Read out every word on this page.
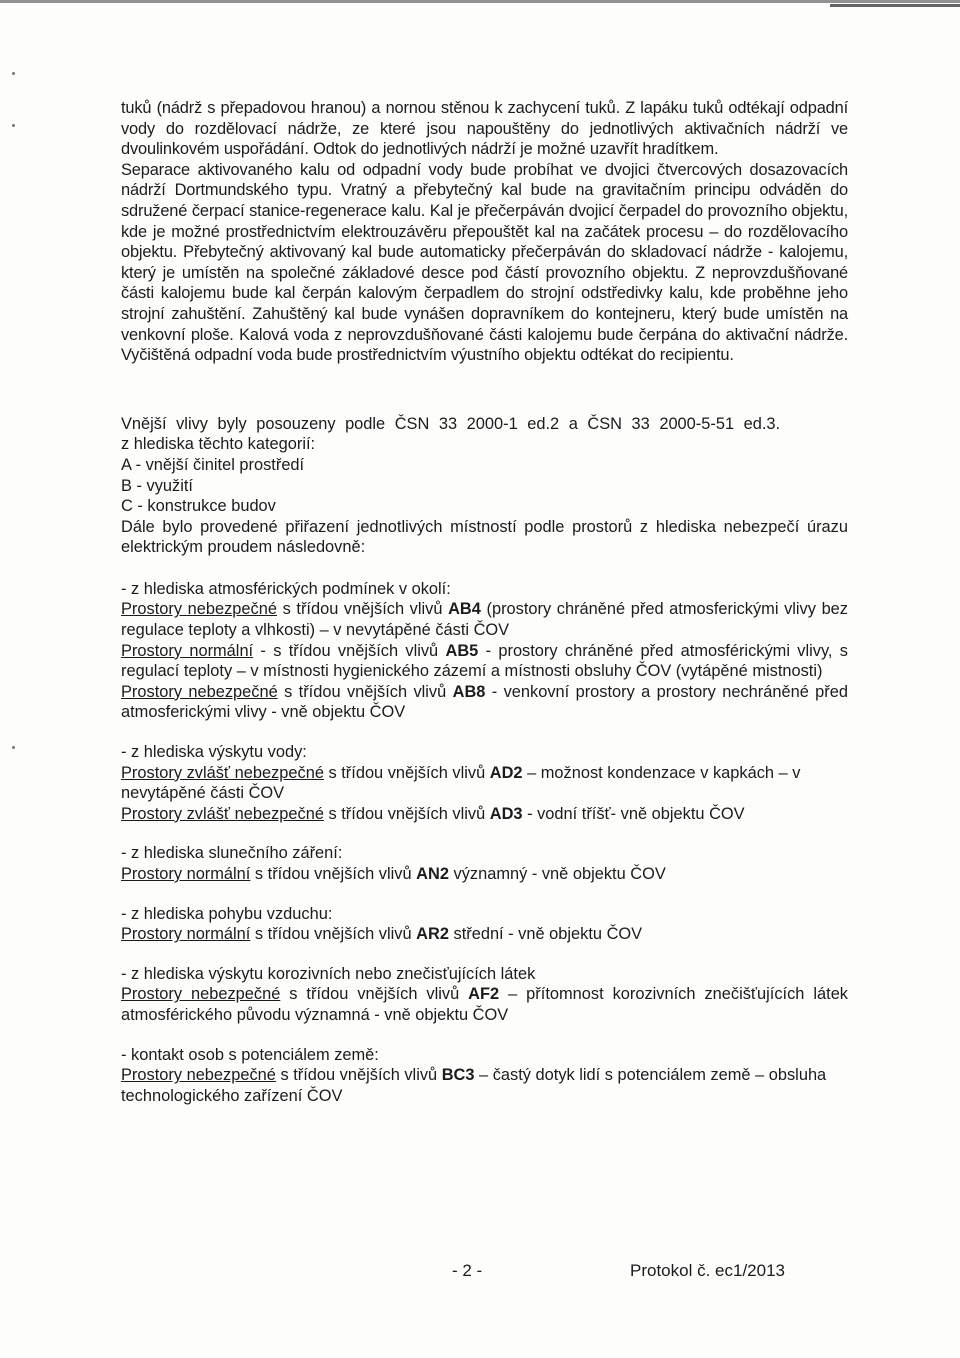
tuků (nádrž s přepadovou hranou) a nornou stěnou k zachycení tuků. Z lapáku tuků odtékají odpadní vody do rozdělovací nádrže, ze které jsou napouštěny do jednotlivých aktivačních nádrží ve dvoulinkovém uspořádání. Odtok do jednotlivých nádrží je možné uzavřít hradítkem.

Separace aktivovaného kalu od odpadní vody bude probíhat ve dvojici čtvercových dosazovacích nádrží Dortmundského typu. Vratný a přebytečný kal bude na gravitačním principu odváděn do sdružené čerpací stanice-regenerace kalu. Kal je přečerpáván dvojicí čerpadel do provozního objektu, kde je možné prostřednictvím elektrouzávěru přepouštět kal na začátek procesu – do rozdělovacího objektu. Přebytečný aktivovaný kal bude automaticky přečerpáván do skladovací nádrže - kalojemu, který je umístěn na společné základové desce pod částí provozního objektu. Z neprovzdušňované části kalojemu bude kal čerpán kalovým čerpadlem do strojní odstředivky kalu, kde proběhne jeho strojní zahuštění. Zahuštěný kal bude vynášen dopravníkem do kontejneru, který bude umístěn na venkovní ploše. Kalová voda z neprovzdušňované části kalojemu bude čerpána do aktivační nádrže. Vyčištěná odpadní voda bude prostřednictvím výustního objektu odtékat do recipientu.

Vnější vlivy byly posouzeny podle ČSN 33 2000-1 ed.2 a ČSN 33 2000-5-51 ed.3.

z hlediska těchto kategorií:

A - vnější činitel prostředí

B - využití

C - konstrukce budov

Dále bylo provedené přiřazení jednotlivých místností podle prostorů z hlediska nebezpečí úrazu elektrickým proudem následovně:

- z hlediska atmosférických podmínek v okolí:

Prostory nebezpečné s třídou vnějších vlivů AB4 (prostory chráněné před atmosferickými vlivy bez regulace teploty a vlhkosti) – v nevytápěné části ČOV

Prostory normální - s třídou vnějších vlivů AB5 - prostory chráněné před atmosférickými vlivy, s regulací teploty – v místnosti hygienického zázemí a místnosti obsluhy ČOV (vytápěné mistnosti)

Prostory nebezpečné s třídou vnějších vlivů AB8 - venkovní prostory a prostory nechráněné před atmosferickými vlivy - vně objektu ČOV

- z hlediska výskytu vody:

Prostory zvlášť nebezpečné s třídou vnějších vlivů AD2 – možnost kondenzace v kapkách – v nevytápěné části ČOV

Prostory zvlášť nebezpečné s třídou vnějších vlivů AD3 - vodní tříšť- vně objektu ČOV

- z hlediska slunečního záření:

Prostory normální s třídou vnějších vlivů AN2 významný - vně objektu ČOV

- z hlediska pohybu vzduchu:

Prostory normální s třídou vnějších vlivů AR2 střední - vně objektu ČOV

- z hlediska výskytu korozivních nebo znečisťujících látek

Prostory nebezpečné s třídou vnějších vlivů AF2 – přítomnost korozivních znečišťujících látek atmosférického původu významná - vně objektu ČOV

- kontakt osob s potenciálem země:

Prostory nebezpečné s třídou vnějších vlivů BC3 – častý dotyk lidí s potenciálem země – obsluha technologického zařízení ČOV

- 2 -	Protokol č. ec1/2013
